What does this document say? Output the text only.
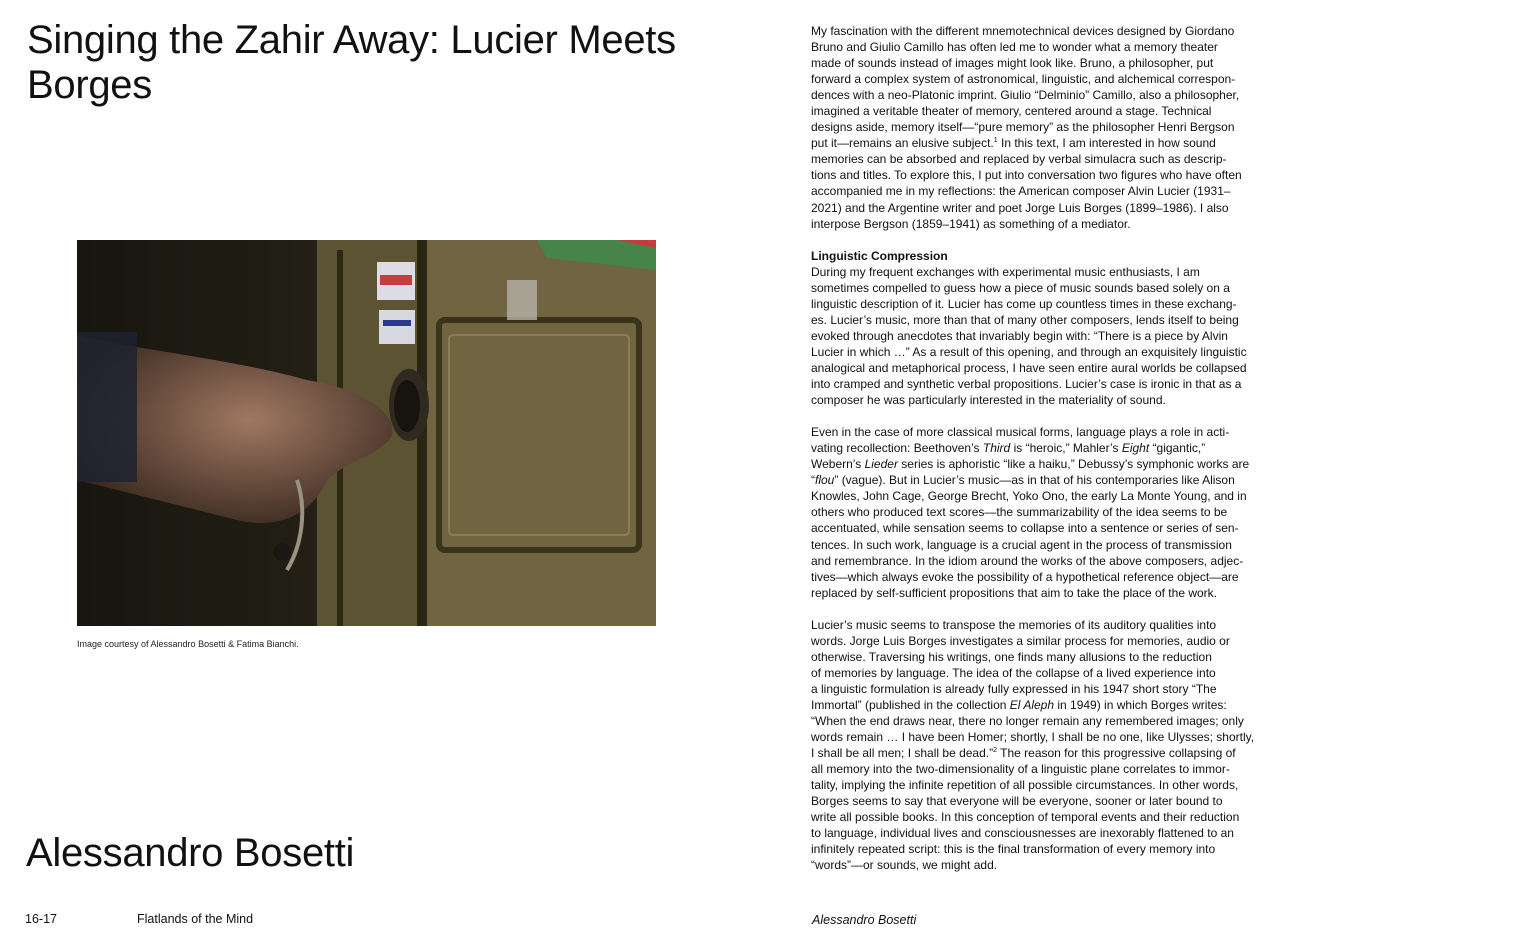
Singing the Zahir Away: Lucier Meets Borges
Image courtesy of Alessandro Bosetti & Fatima Bianchi.
Alessandro Bosetti
16-17	Flatlands of the Mind

My fascination with the different mnemotechnical devices designed by Giordano
Bruno and Giulio Camillo has often led me to wonder what a memory theater
made of sounds instead of images might look like. Bruno, a philosopher, put
forward a complex system of astronomical, linguistic, and alchemical correspon-
dences with a neo-Platonic imprint. Giulio “Delminio” Camillo, also a philosopher,
imagined a veritable theater of memory, centered around a stage. Technical
designs aside, memory itself—“pure memory” as the philosopher Henri Bergson
put it—remains an elusive subject.$^1$ In this text, I am interested in how sound
memories can be absorbed and replaced by verbal simulacra such as descrip-
tions and titles. To explore this, I put into conversation two figures who have often
accompanied me in my reflections: the American composer Alvin Lucier (1931–
2021) and the Argentine writer and poet Jorge Luis Borges (1899–1986). I also
interpose Bergson (1859–1941) as something of a mediator.

Linguistic Compression

During my frequent exchanges with experimental music enthusiasts, I am
sometimes compelled to guess how a piece of music sounds based solely on a
linguistic description of it. Lucier has come up countless times in these exchang-
es. Lucier’s music, more than that of many other composers, lends itself to being
evoked through anecdotes that invariably begin with: “There is a piece by Alvin
Lucier in which …” As a result of this opening, and through an exquisitely linguistic
analogical and metaphorical process, I have seen entire aural worlds be collapsed
into cramped and synthetic verbal propositions. Lucier’s case is ironic in that as a
composer he was particularly interested in the materiality of sound.

Even in the case of more classical musical forms, language plays a role in acti-
vating recollection: Beethoven’s Third is “heroic,” Mahler’s Eight “gigantic,”
Webern’s Lieder series is aphoristic “like a haiku,” Debussy’s symphonic works are
“flou” (vague). But in Lucier’s music—as in that of his contemporaries like Alison
Knowles, John Cage, George Brecht, Yoko Ono, the early La Monte Young, and in
others who produced text scores—the summarizability of the idea seems to be
accentuated, while sensation seems to collapse into a sentence or series of sen-
tences. In such work, language is a crucial agent in the process of transmission
and remembrance. In the idiom around the works of the above composers, adjec-
tives—which always evoke the possibility of a hypothetical reference object—are
replaced by self-sufficient propositions that aim to take the place of the work.

Lucier’s music seems to transpose the memories of its auditory qualities into
words. Jorge Luis Borges investigates a similar process for memories, audio or
otherwise. Traversing his writings, one finds many allusions to the reduction
of memories by language. The idea of the collapse of a lived experience into
a linguistic formulation is already fully expressed in his 1947 short story “The
Immortal” (published in the collection El Aleph in 1949) in which Borges writes:
“When the end draws near, there no longer remain any remembered images; only
words remain … I have been Homer; shortly, I shall be no one, like Ulysses; shortly,
I shall be all men; I shall be dead.”$^2$ The reason for this progressive collapsing of
all memory into the two-dimensionality of a linguistic plane correlates to immor-
tality, implying the infinite repetition of all possible circumstances. In other words,
Borges seems to say that everyone will be everyone, sooner or later bound to
write all possible books. In this conception of temporal events and their reduction
to language, individual lives and consciousnesses are inexorably flattened to an
infinitely repeated script: this is the final transformation of every memory into
“words”—or sounds, we might add.

Alessandro Bosetti
